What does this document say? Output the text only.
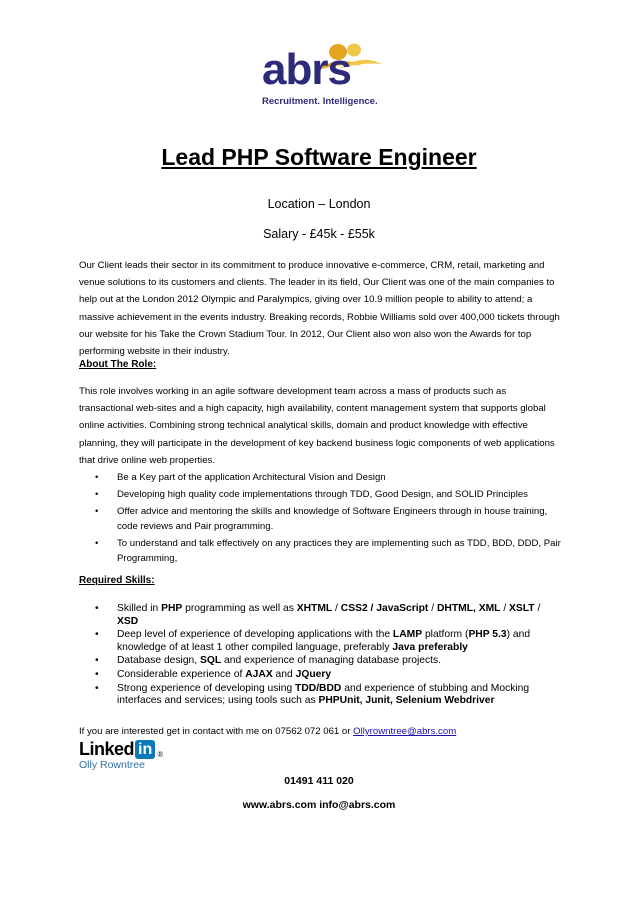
abrs
Recruitment. Intelligence.
Lead PHP Software Engineer
Location – London
Salary - £45k - £55k
Our Client leads their sector in its commitment to produce innovative e-commerce, CRM, retail, marketing and venue solutions to its customers and clients. The leader in its field, Our Client was one of the main companies to help out at the London 2012 Olympic and Paralympics, giving over 10.9 million people to ability to attend; a massive achievement in the events industry. Breaking records, Robbie Williams sold over 400,000 tickets through our website for his Take the Crown Stadium Tour. In 2012, Our Client also won also won the Awards for top performing website in their industry.
About The Role:
This role involves working in an agile software development team across a mass of products such as transactional web-sites and a high capacity, high availability, content management system that supports global online activities. Combining strong technical analytical skills, domain and product knowledge with effective planning, they will participate in the development of key backend business logic components of web applications that drive online web properties.
• Be a Key part of the application Architectural Vision and Design
• Developing high quality code implementations through TDD, Good Design, and SOLID Principles
• Offer advice and mentoring the skills and knowledge of Software Engineers through in house training, code reviews and Pair programming.
• To understand and talk effectively on any practices they are implementing such as TDD, BDD, DDD, Pair Programming,
Required Skills:
• Skilled in PHP programming as well as XHTML / CSS2 / JavaScript / DHTML, XML / XSLT / XSD
• Deep level of experience of developing applications with the LAMP platform (PHP 5.3) and knowledge of at least 1 other compiled language, preferably Java preferably
• Database design, SQL and experience of managing database projects.
• Considerable experience of AJAX and JQuery
• Strong experience of developing using TDD/BDD and experience of stubbing and Mocking interfaces and services; using tools such as PHPUnit, Junit, Selenium Webdriver
If you are interested get in contact with me on 07562 072 061 or Ollyrowntree@abrs.com
Linked in ®
Olly Rowntree
01491 411 020
www.abrs.com info@abrs.com
